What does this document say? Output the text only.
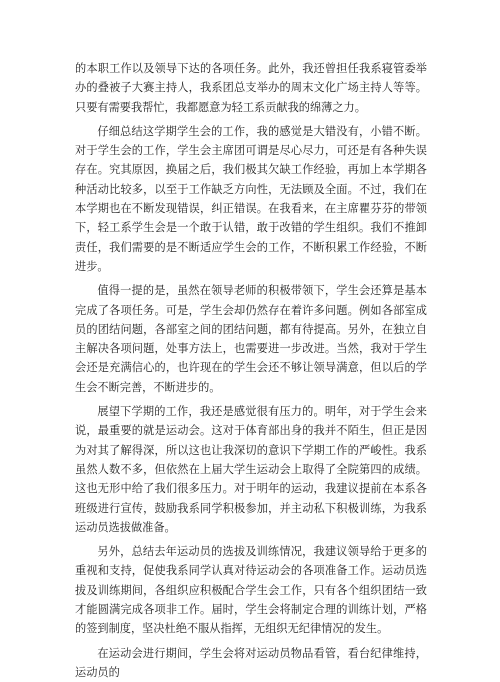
的本职工作以及领导下达的各项任务。此外，我还曾担任我系寝管委举办的叠被子大赛主持人，我系团总支举办的周末文化广场主持人等等。只要有需要我帮忙，我都愿意为轻工系贡献我的绵薄之力。

仔细总结这学期学生会的工作，我的感觉是大错没有，小错不断。对于学生会的工作，学生会主席团可谓是尽心尽力，可还是有各种失误存在。究其原因，换届之后，我们极其欠缺工作经验，再加上本学期各种活动比较多，以至于工作缺乏方向性，无法顾及全面。不过，我们在本学期也在不断发现错误，纠正错误。在我看来，在主席瞿芬芬的带领下，轻工系学生会是一个敢于认错，敢于改错的学生组织。我们不推卸责任，我们需要的是不断适应学生会的工作，不断积累工作经验，不断进步。

值得一提的是，虽然在领导老师的积极带领下，学生会还算是基本完成了各项任务。可是，学生会却仍然存在着许多问题。例如各部室成员的团结问题，各部室之间的团结问题，都有待提高。另外，在独立自主解决各项问题，处事方法上，也需要进一步改进。当然，我对于学生会还是充满信心的，也许现在的学生会还不够让领导满意，但以后的学生会不断完善，不断进步的。

展望下学期的工作，我还是感觉很有压力的。明年，对于学生会来说，最重要的就是运动会。这对于体育部出身的我并不陌生，但正是因为对其了解得深，所以这也让我深切的意识下学期工作的严峻性。我系虽然人数不多，但依然在上届大学生运动会上取得了全院第四的成绩。这也无形中给了我们很多压力。对于明年的运动，我建议提前在本系各班级进行宣传，鼓励我系同学积极参加，并主动私下积极训练，为我系运动员选拔做准备。

另外，总结去年运动员的选拔及训练情况，我建议领导给于更多的重视和支持，促使我系同学认真对待运动会的各项准备工作。运动员选拔及训练期间，各组织应积极配合学生会工作，只有各个组织团结一致才能圆满完成各项非工作。届时，学生会将制定合理的训练计划，严格的签到制度，坚决杜绝不服从指挥，无组织无纪律情况的发生。

在运动会进行期间，学生会将对运动员物品看管，看台纪律维持，运动员的
